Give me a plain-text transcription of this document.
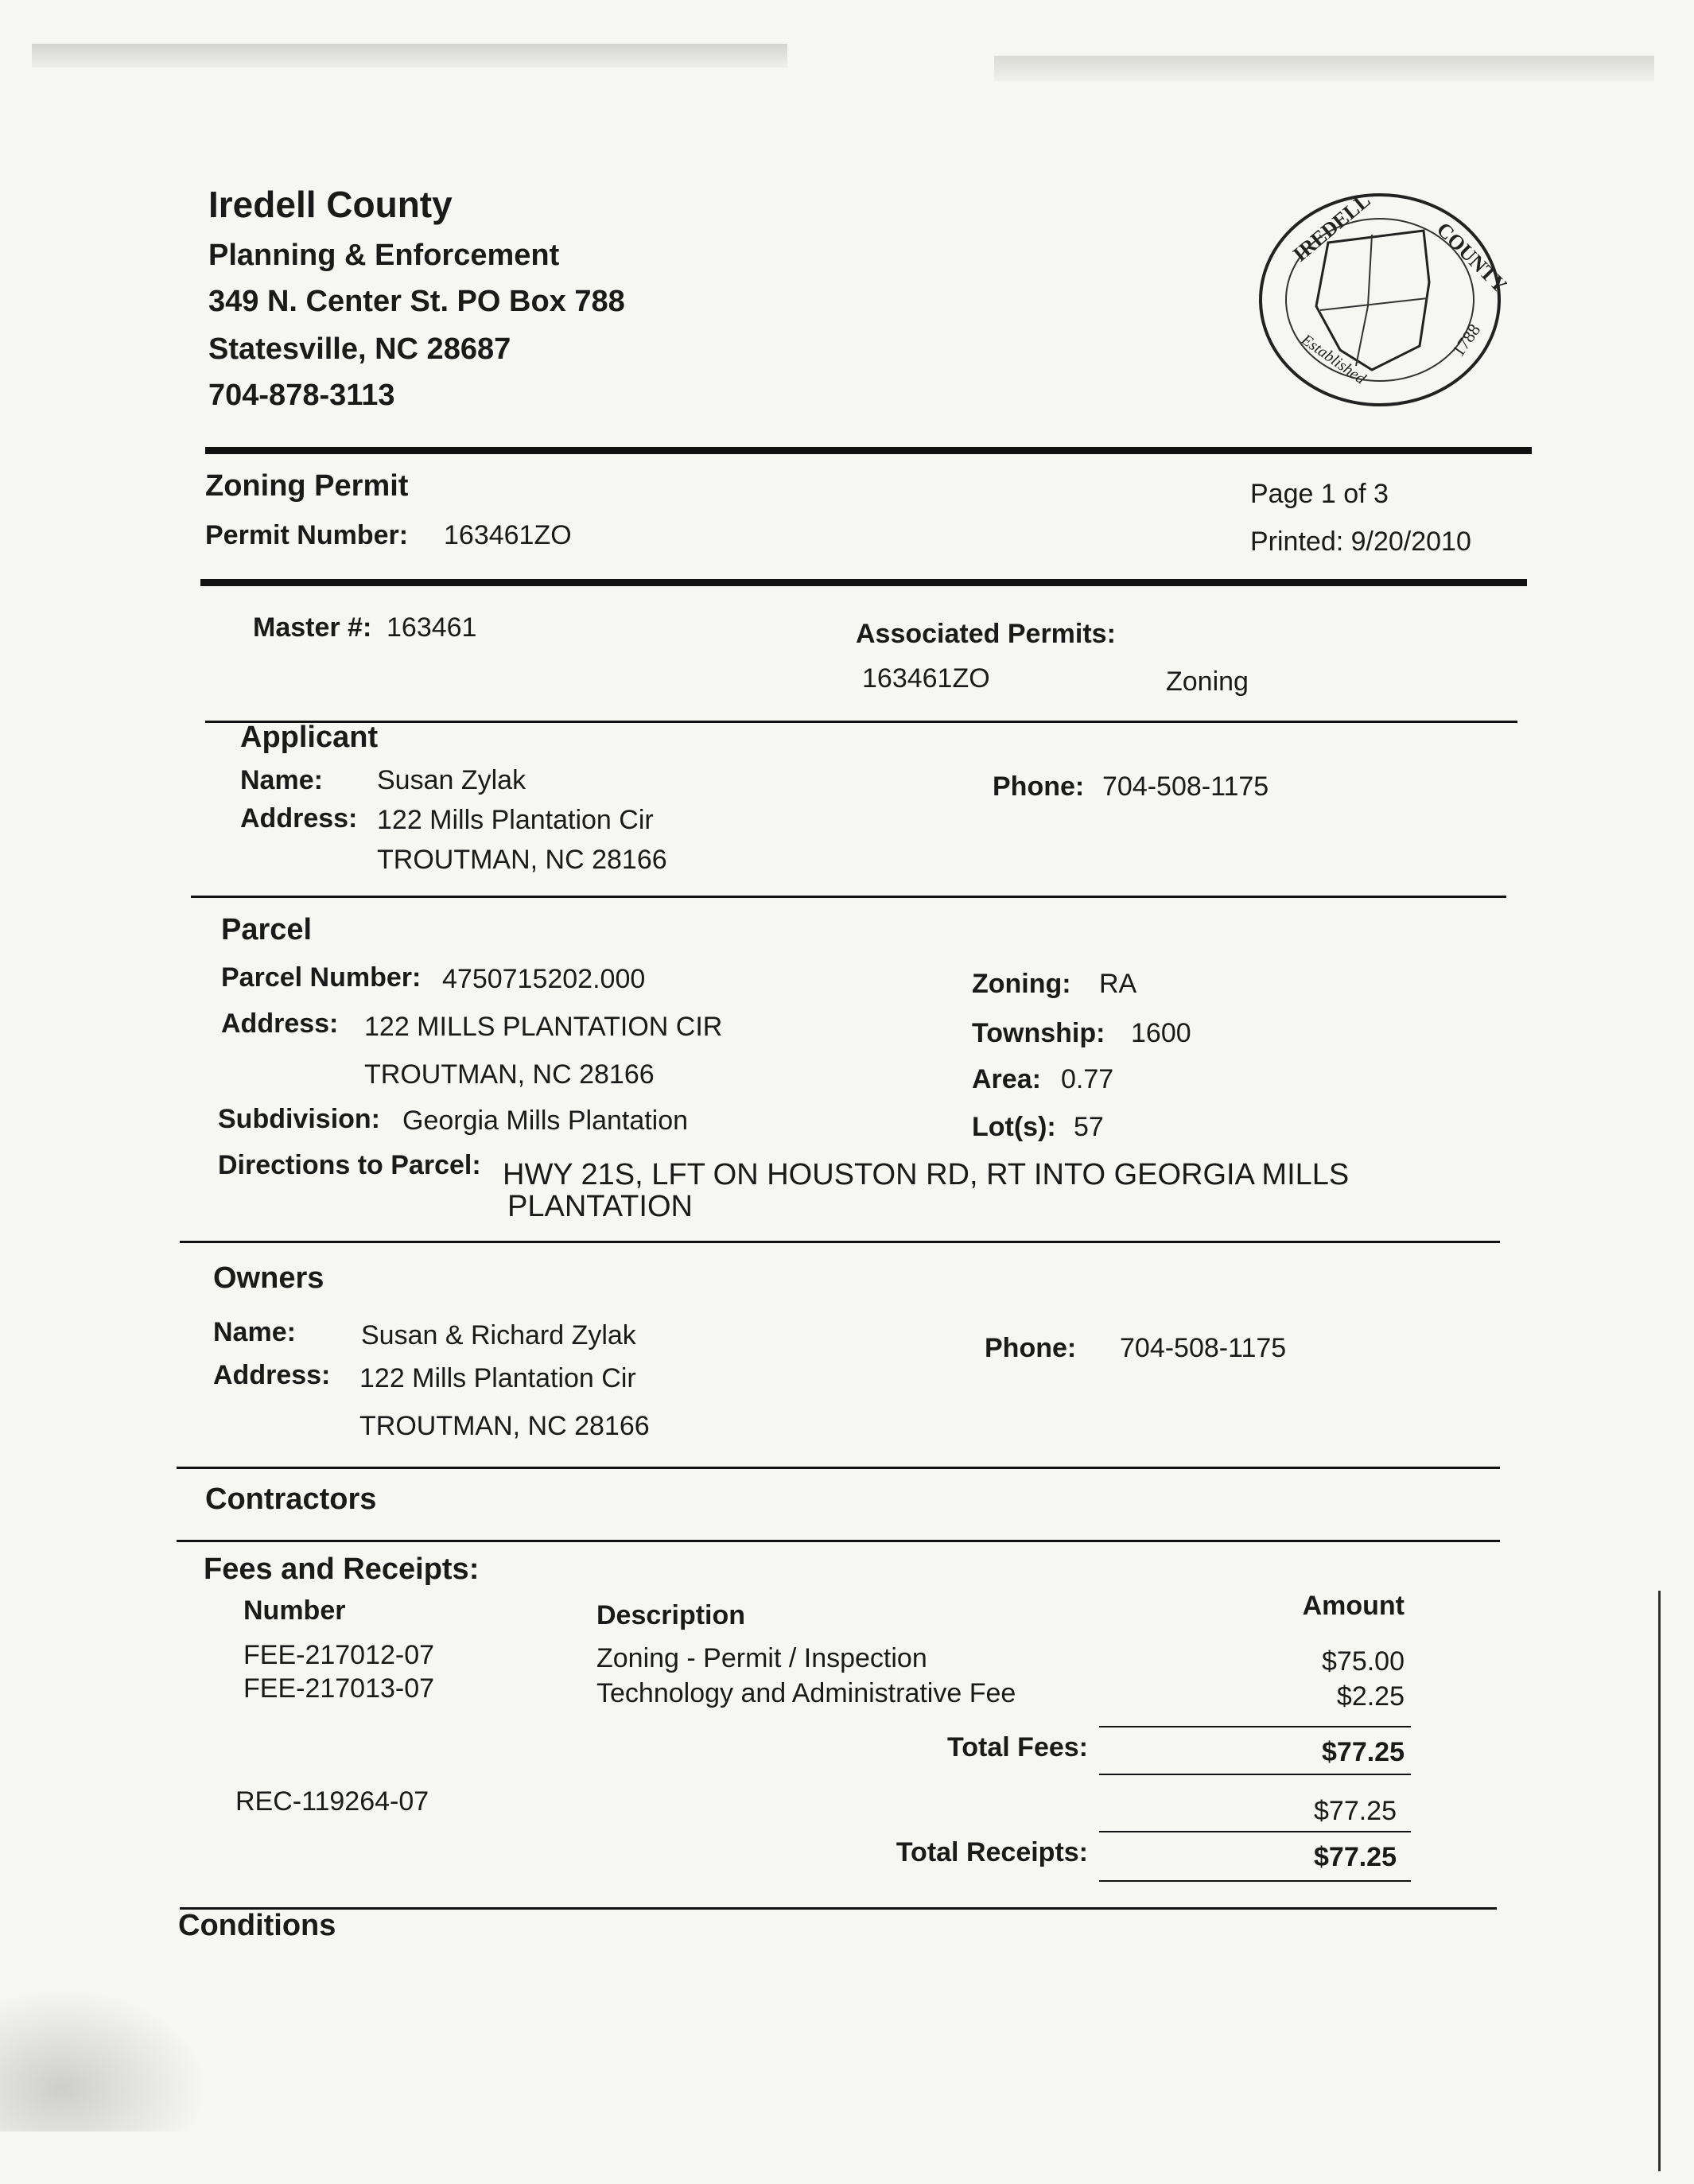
Iredell County
Planning & Enforcement
349 N. Center St. PO Box 788
Statesville, NC 28687
704-878-3113
IREDELL	COUNTY
Established	1788
Zoning Permit
Permit Number: 163461ZO
Page 1 of 3
Printed: 9/20/2010
Master #: 163461	Associated Permits:
163461ZO	Zoning
Applicant
Name: Susan Zylak
Address: 122 Mills Plantation Cir
TROUTMAN, NC 28166
Phone: 704-508-1175
Parcel
Parcel Number: 4750715202.000
Address: 122 MILLS PLANTATION CIR
TROUTMAN, NC 28166
Subdivision: Georgia Mills Plantation
Directions to Parcel: HWY 21S, LFT ON HOUSTON RD, RT INTO GEORGIA MILLS
PLANTATION
Zoning: RA
Township: 1600
Area: 0.77
Lot(s): 57
Owners
Name: Susan & Richard Zylak
Address: 122 Mills Plantation Cir
TROUTMAN, NC 28166
Phone: 704-508-1175
Contractors
Fees and Receipts:
Number	Description	Amount
FEE-217012-07	Zoning - Permit / Inspection	$75.00
FEE-217013-07	Technology and Administrative Fee	$2.25
Total Fees:	$77.25
REC-119264-07	$77.25
Total Receipts:	$77.25
Conditions
